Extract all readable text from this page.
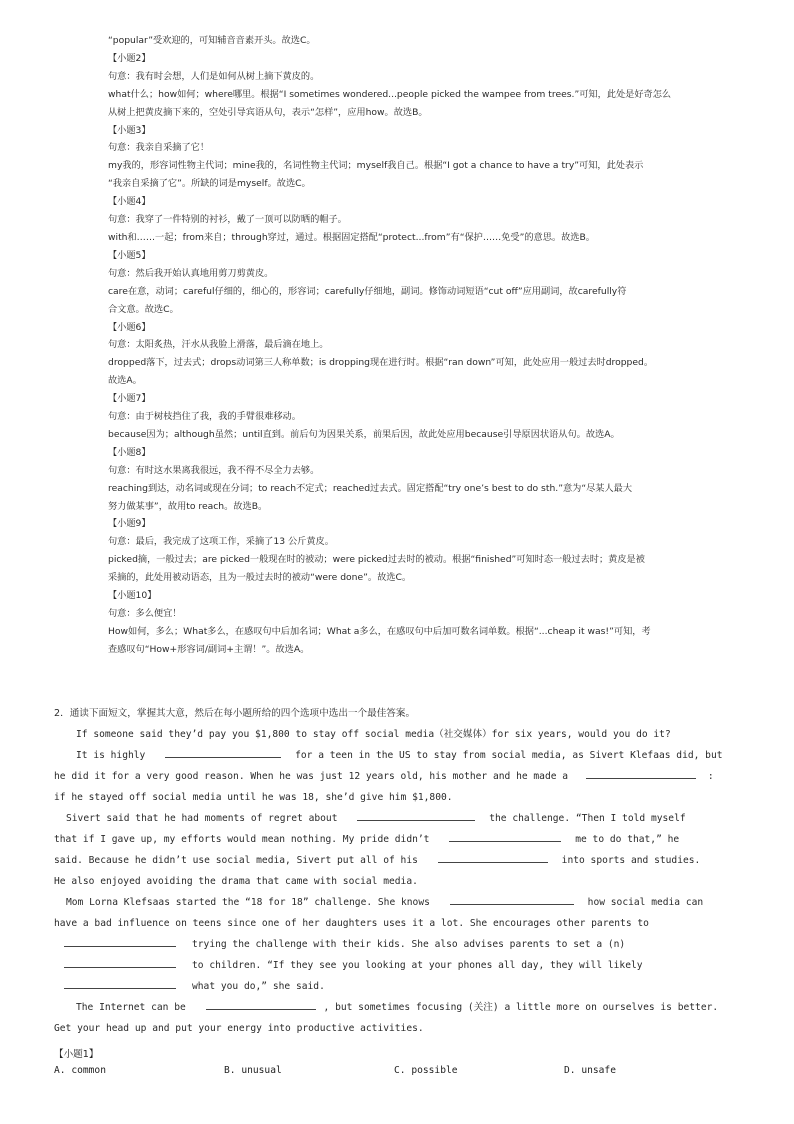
“popular”受欢迎的，可知辅音音素开头。故选C。
【小题2】
句意：我有时会想，人们是如何从树上摘下黄皮的。
what什么；how如何；where哪里。根据“I sometimes wondered...people picked the wampee from trees.”可知，此处是好奇怎么
从树上把黄皮摘下来的，空处引导宾语从句，表示“怎样”，应用how。故选B。
【小题3】
句意：我亲自采摘了它！
my我的，形容词性物主代词；mine我的，名词性物主代词；myself我自己。根据“I got a chance to have a try”可知，此处表示
“我亲自采摘了它”。所缺的词是myself。故选C。
【小题4】
句意：我穿了一件特别的衬衫，戴了一顶可以防晒的帽子。
with和……一起；from来自；through穿过，通过。根据固定搭配“protect...from”有“保护……免受”的意思。故选B。
【小题5】
句意：然后我开始认真地用剪刀剪黄皮。
care在意，动词；careful仔细的，细心的，形容词；carefully仔细地，副词。修饰动词短语“cut off”应用副词，故carefully符
合文意。故选C。
【小题6】
句意：太阳炙热，汗水从我脸上滑落，最后滴在地上。
dropped落下，过去式；drops动词第三人称单数；is dropping现在进行时。根据“ran down”可知，此处应用一般过去时dropped。
故选A。
【小题7】
句意：由于树枝挡住了我，我的手臂很难移动。
because因为；although虽然；until直到。前后句为因果关系，前果后因，故此处应用because引导原因状语从句。故选A。
【小题8】
句意：有时这水果离我很远，我不得不尽全力去够。
reaching到达，动名词或现在分词；to reach不定式；reached过去式。固定搭配“try one’s best to do sth.”意为“尽某人最大
努力做某事”，故用to reach。故选B。
【小题9】
句意：最后，我完成了这项工作，采摘了13 公斤黄皮。
picked摘，一般过去；are picked一般现在时的被动；were picked过去时的被动。根据“finished”可知时态一般过去时；黄皮是被
采摘的，此处用被动语态，且为一般过去时的被动“were done”。故选C。
【小题10】
句意：多么便宜！
How如何，多么；What多么，在感叹句中后加名词；What a多么，在感叹句中后加可数名词单数。根据“...cheap it was!”可知，考
查感叹句“How+形容词/副词+主谓！”。故选A。
2．通读下面短文，掌握其大意，然后在每小题所给的四个选项中选出一个最佳答案。
If someone said they’d pay you $1,800 to stay off social media（社交媒体）for six years, would you do it?
It is highly	for a teen in the US to stay from social media, as Sivert Klefaas did, but
he did it for a very good reason. When he was just 12 years old, his mother and he made a	:
if he stayed off social media until he was 18, she’d give him $1,800.
Sivert said that he had moments of regret about	the challenge. “Then I told myself
that if I gave up, my efforts would mean nothing. My pride didn’t	me to do that,” he
said. Because he didn’t use social media, Sivert put all of his	into sports and studies.
He also enjoyed avoiding the drama that came with social media.
Mom Lorna Klefsaas started the “18 for 18” challenge. She knows	how social media can
have a bad influence on teens since one of her daughters uses it a lot. She encourages other parents to
trying the challenge with their kids. She also advises parents to set a (n)
to children. “If they see you looking at your phones all day, they will likely
what you do,” she said.
The Internet can be	, but sometimes focusing (关注) a little more on ourselves is better.
Get your head up and put your energy into productive activities.
【小题1】
A. common	B. unusual	C. possible	D. unsafe
